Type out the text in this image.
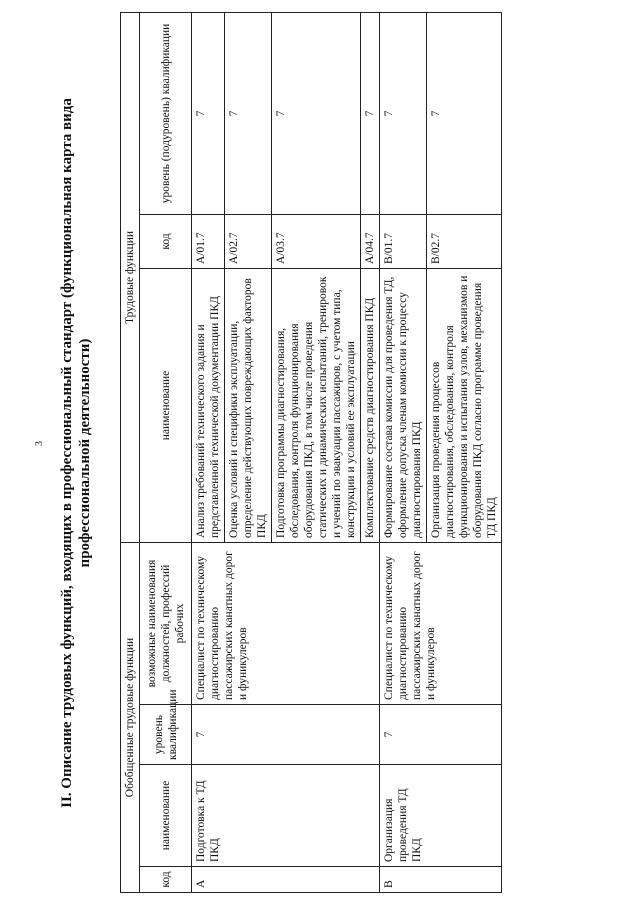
3 II. Описание трудовых функций, входящих в профессиональный стандарт (функциональная карта вида профессиональной деятельности)
Обобщенные трудовые функции				Трудовые функции		
код	наименование	уровень квалификации	возможные наименования должностей, профессий рабочих	наименование	код	уровень (подуровень) квалификации
А	Подготовка к ТД ПКД	7	Специалист по техническому диагностированию пассажирских канатных дорог и фуникулеров	Анализ требований технического задания и представленной технической документации ПКД	А/01.7	7
				Оценка условий и специфики эксплуатации, определение действующих повреждающих факторов ПКД	А/02.7	7
				Подготовка программы диагностирования, обследования, контроля функционирования оборудования ПКД, в том числе проведения статических и динамических испытаний, тренировок и учений по эвакуации пассажиров, с учетом типа, конструкции и условий ее эксплуатации	А/03.7	7
				Комплектование средств диагностирования ПКД	А/04.7	7
В	Организация проведения ТД ПКД	7	Специалист по техническому диагностированию пассажирских канатных дорог и фуникулеров	Формирование состава комиссии для проведения ТД, оформление допуска членам комиссии к процессу диагностирования ПКД	В/01.7	7
				Организация проведения процессов диагностирования, обследования, контроля функционирования и испытания узлов, механизмов и оборудования ПКД согласно программе проведения ТД ПКД	В/02.7	7
